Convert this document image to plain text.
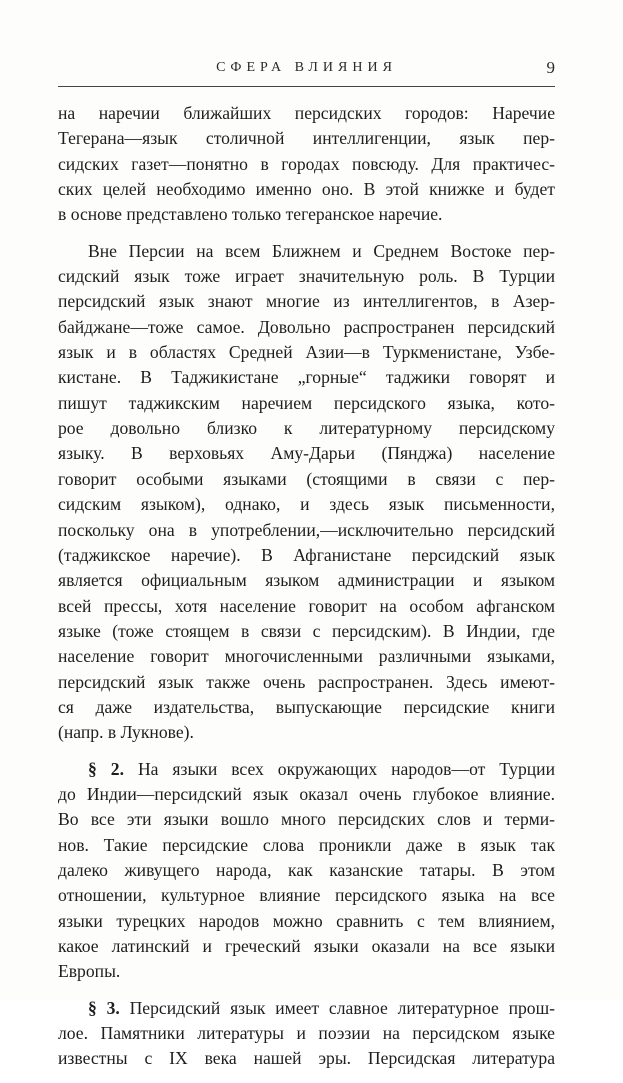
СФЕРА ВЛИЯНИЯ	9
на наречии ближайших персидских городов: Наречие
Тегерана—язык столичной интеллигенции, язык пер-
сидских газет—понятно в городах повсюду. Для практичес-
ских целей необходимо именно оно. В этой книжке и будет
в основе представлено только тегеранское наречие.
Вне Персии на всем Ближнем и Среднем Востоке пер-
сидский язык тоже играет значительную роль. В Турции
персидский язык знают многие из интеллигентов, в Азер-
байджане—тоже самое. Довольно распространен персидский
язык и в областях Средней Азии—в Туркменистане, Узбе-
кистане. В Таджикистане „горные“ таджики говорят и
пишут таджикским наречием персидского языка, кото-
рое довольно близко к литературному персидскому
языку. В верховьях Аму-Дарьи (Пянджа) население
говорит особыми языками (стоящими в связи с пер-
сидским языком), однако, и здесь язык письменности,
поскольку она в употреблении,—исключительно персидский
(таджикское наречие). В Афганистане персидский язык
является официальным языком администрации и языком
всей прессы, хотя население говорит на особом афганском
языке (тоже стоящем в связи с персидским). В Индии, где
население говорит многочисленными различными языками,
персидский язык также очень распространен. Здесь имеют-
ся даже издательства, выпускающие персидские книги
(напр. в Лукнове).
§ 2. На языки всех окружающих народов—от Турции
до Индии—персидский язык оказал очень глубокое влияние.
Во все эти языки вошло много персидских слов и терми-
нов. Такие персидские слова проникли даже в язык так
далеко живущего народа, как казанские татары. В этом
отношении, культурное влияние персидского языка на все
языки турецких народов можно сравнить с тем влиянием,
какое латинский и греческий языки оказали на все языки
Европы.
§ 3. Персидский язык имеет славное литературное прош-
лое. Памятники литературы и поэзии на персидском языке
известны с IX века нашей эры. Персидская литература
